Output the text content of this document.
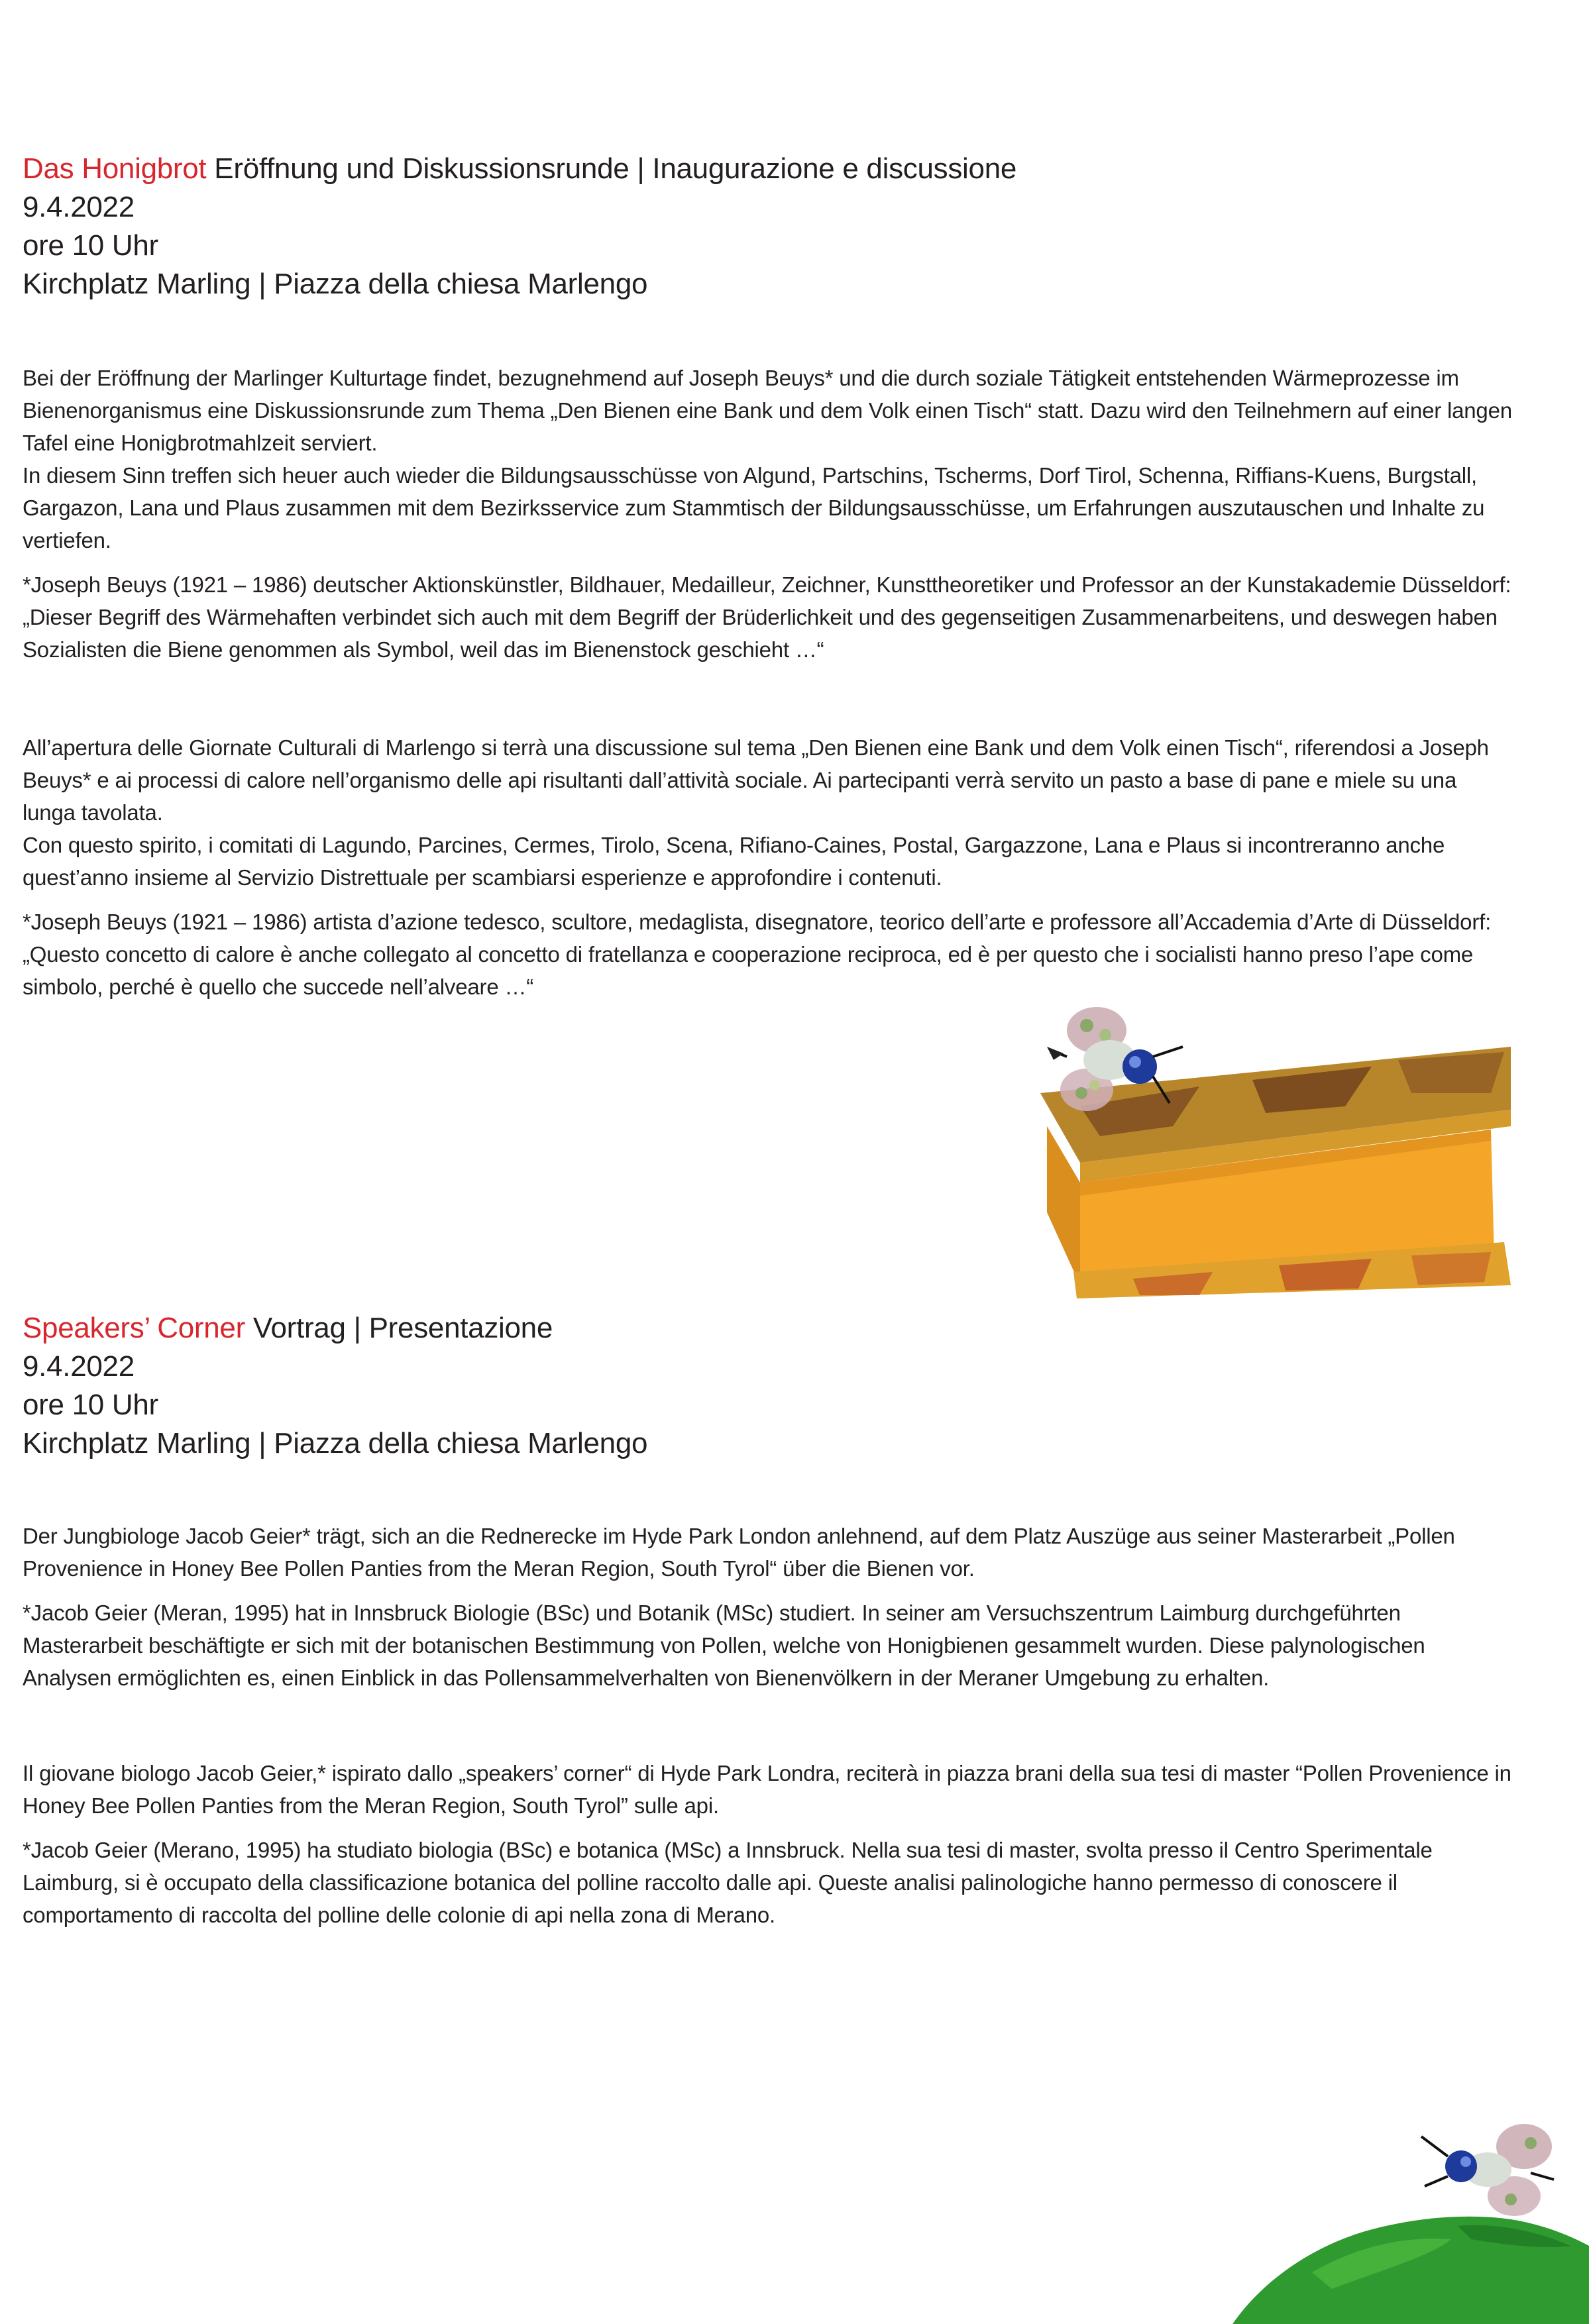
Das Honigbrot Eröffnung und Diskussionsrunde | Inaugurazione e discussione

9.4.2022

ore 10 Uhr

Kirchplatz Marling | Piazza della chiesa Marlengo

Bei der Eröffnung der Marlinger Kulturtage findet, bezugnehmend auf Joseph Beuys* und die durch soziale Tätigkeit entstehenden Wärmeprozesse im Bienenorganismus eine Diskussionsrunde zum Thema „Den Bienen eine Bank und dem Volk einen Tisch“ statt. Dazu wird den Teilnehmern auf einer langen Tafel eine Honigbrotmahlzeit serviert.

In diesem Sinn treffen sich heuer auch wieder die Bildungsausschüsse von Algund, Partschins, Tscherms, Dorf Tirol, Schenna, Riffians-Kuens, Burgstall, Gargazon, Lana und Plaus zusammen mit dem Bezirksservice zum Stammtisch der Bildungsausschüsse, um Erfahrungen auszutauschen und Inhalte zu vertiefen.

*Joseph Beuys (1921 – 1986) deutscher Aktionskünstler, Bildhauer, Medailleur, Zeichner, Kunsttheoretiker und Professor an der Kunstakademie Düsseldorf: „Dieser Begriff des Wärmehaften verbindet sich auch mit dem Begriff der Brüderlichkeit und des gegenseitigen Zusammenarbeitens, und deswegen haben Sozialisten die Biene genommen als Symbol, weil das im Bienenstock geschieht …“

All’apertura delle Giornate Culturali di Marlengo si terrà una discussione sul tema „Den Bienen eine Bank und dem Volk einen Tisch“, riferendosi a Joseph Beuys* e ai processi di calore nell’organismo delle api risultanti dall’attività sociale. Ai partecipanti verrà servito un pasto a base di pane e miele su una lunga tavolata.

Con questo spirito, i comitati di Lagundo, Parcines, Cermes, Tirolo, Scena, Rifiano-Caines, Postal, Gargazzone, Lana e Plaus si incontreranno anche quest’anno insieme al Servizio Distrettuale per scambiarsi esperienze e approfondire i contenuti.

*Joseph Beuys (1921 – 1986) artista d’azione tedesco, scultore, medaglista, disegnatore, teorico dell’arte e professore all’Accademia d’Arte di Düsseldorf: „Questo concetto di calore è anche collegato al concetto di fratellanza e cooperazione reciproca, ed è per questo che i socialisti hanno preso l’ape come simbolo, perché è quello che succede nell’alveare …“

Speakers’ Corner Vortrag | Presentazione

9.4.2022

ore 10 Uhr

Kirchplatz Marling | Piazza della chiesa Marlengo

Der Jungbiologe Jacob Geier* trägt, sich an die Rednerecke im Hyde Park London anlehnend, auf dem Platz Auszüge aus seiner Masterarbeit „Pollen Provenience in Honey Bee Pollen Panties from the Meran Region, South Tyrol“ über die Bienen vor.

*Jacob Geier (Meran, 1995) hat in Innsbruck Biologie (BSc) und Botanik (MSc) studiert. In seiner am Versuchszentrum Laimburg durchgeführten Masterarbeit beschäftigte er sich mit der botanischen Bestimmung von Pollen, welche von Honigbienen gesammelt wurden. Diese palynologischen Analysen ermöglichten es, einen Einblick in das Pollensammelverhalten von Bienenvölkern in der Meraner Umgebung zu erhalten.

Il giovane biologo Jacob Geier,* ispirato dallo „speakers’ corner“ di Hyde Park Londra, reciterà in piazza brani della sua tesi di master “Pollen Provenience in Honey Bee Pollen Panties from the Meran Region, South Tyrol” sulle api.

*Jacob Geier (Merano, 1995) ha studiato biologia (BSc) e botanica (MSc) a Innsbruck. Nella sua tesi di master, svolta presso il Centro Sperimentale Laimburg, si è occupato della classificazione botanica del polline raccolto dalle api. Queste analisi palinologiche hanno permesso di conoscere il comportamento di raccolta del polline delle colonie di api nella zona di Merano.
